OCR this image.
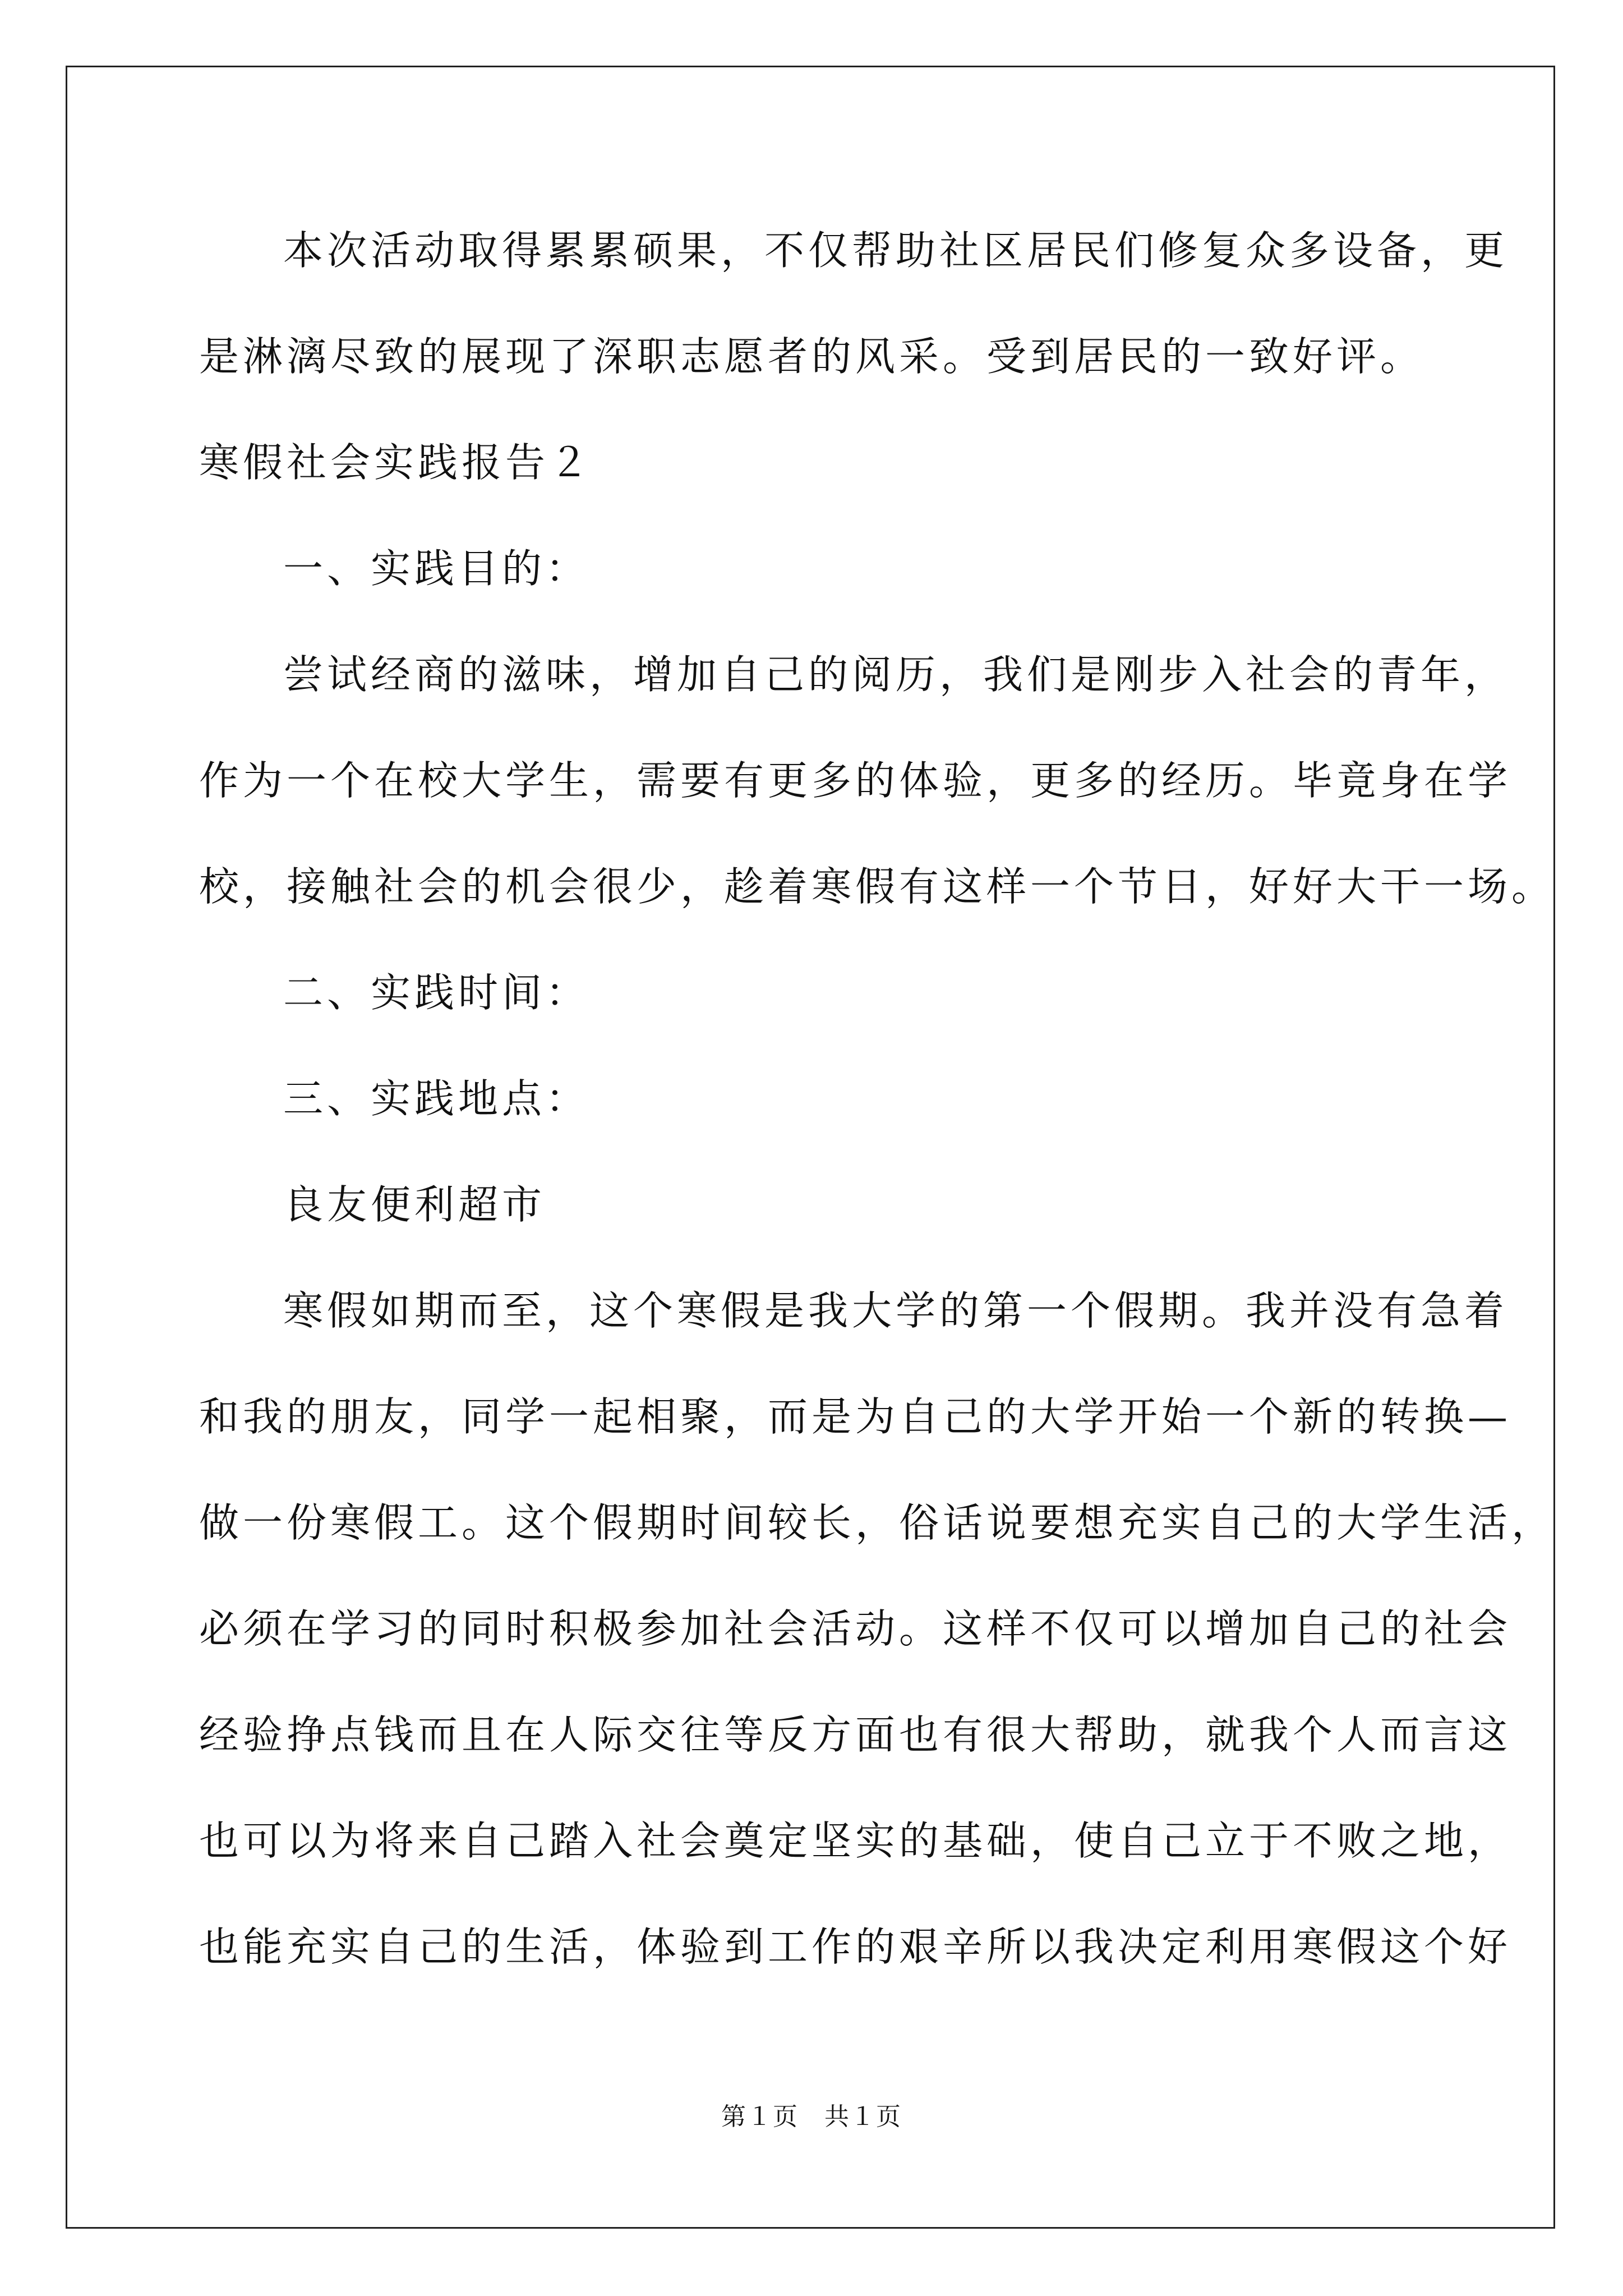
本次活动取得累累硕果，不仅帮助社区居民们修复众多设备，更
是淋漓尽致的展现了深职志愿者的风采。受到居民的一致好评。
寒假社会实践报告２
一、实践目的：
尝试经商的滋味，增加自己的阅历，我们是刚步入社会的青年，
作为一个在校大学生，需要有更多的体验，更多的经历。毕竟身在学
校，接触社会的机会很少，趁着寒假有这样一个节日，好好大干一场。
二、实践时间：
三、实践地点：
良友便利超市
寒假如期而至，这个寒假是我大学的第一个假期。我并没有急着
和我的朋友，同学一起相聚，而是为自己的大学开始一个新的转换—
做一份寒假工。这个假期时间较长，俗话说要想充实自己的大学生活，
必须在学习的同时积极参加社会活动。这样不仅可以增加自己的社会
经验挣点钱而且在人际交往等反方面也有很大帮助，就我个人而言这
也可以为将来自己踏入社会奠定坚实的基础，使自己立于不败之地，
也能充实自己的生活，体验到工作的艰辛所以我决定利用寒假这个好
第１页　共１页
